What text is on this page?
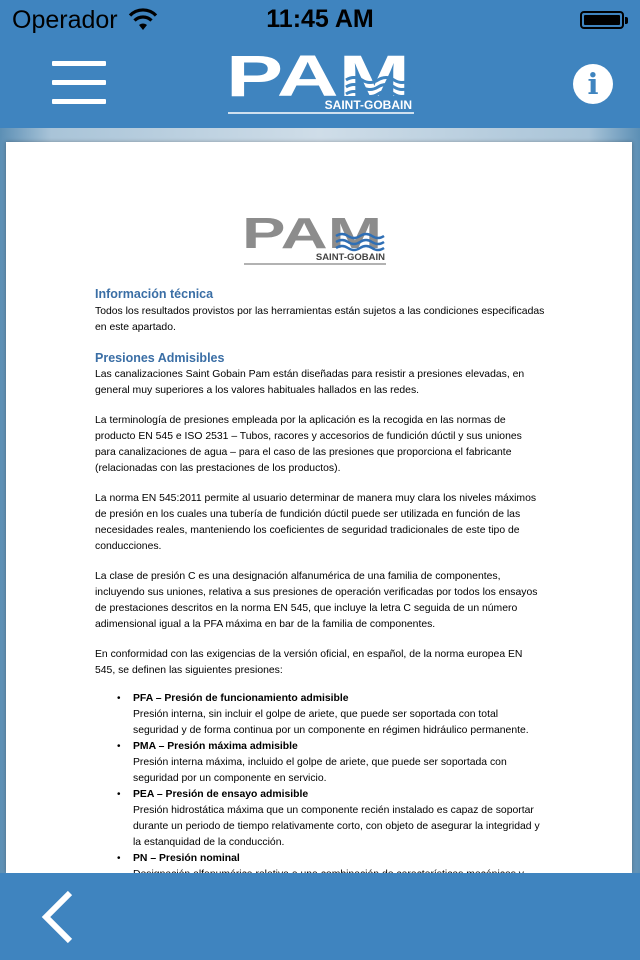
Operador	11:45 AM
PAM
SAINT-GOBAIN
i
PAM
SAINT-GOBAIN
Información técnica

Todos los resultados provistos por las herramientas están sujetos a las condiciones especificadas en este apartado.

Presiones Admisibles

Las canalizaciones Saint Gobain Pam están diseñadas para resistir a presiones elevadas, en general muy superiores a los valores habituales hallados en las redes.

La terminología de presiones empleada por la aplicación es la recogida en las normas de producto EN 545 e ISO 2531 – Tubos, racores y accesorios de fundición dúctil y sus uniones para canalizaciones de agua – para el caso de las presiones que proporciona el fabricante (relacionadas con las prestaciones de los productos).

La norma EN 545:2011 permite al usuario determinar de manera muy clara los niveles máximos de presión en los cuales una tubería de fundición dúctil puede ser utilizada en función de las necesidades reales, manteniendo los coeficientes de seguridad tradicionales de este tipo de conducciones.

La clase de presión C es una designación alfanumérica de una familia de componentes, incluyendo sus uniones, relativa a sus presiones de operación verificadas por todos los ensayos de prestaciones descritos en la norma EN 545, que incluye la letra C seguida de un número adimensional igual a la PFA máxima en bar de la familia de componentes.

En conformidad con las exigencias de la versión oficial, en español, de la norma europea EN 545, se definen las siguientes presiones:

• PFA – Presión de funcionamiento admisible
Presión interna, sin incluir el golpe de ariete, que puede ser soportada con total seguridad y de forma continua por un componente en régimen hidráulico permanente.
• PMA – Presión máxima admisible
Presión interna máxima, incluido el golpe de ariete, que puede ser soportada con seguridad por un componente en servicio.
• PEA – Presión de ensayo admisible
Presión hidrostática máxima que un componente recién instalado es capaz de soportar durante un periodo de tiempo relativamente corto, con objeto de asegurar la integridad y la estanquidad de la conducción.
• PN – Presión nominal
